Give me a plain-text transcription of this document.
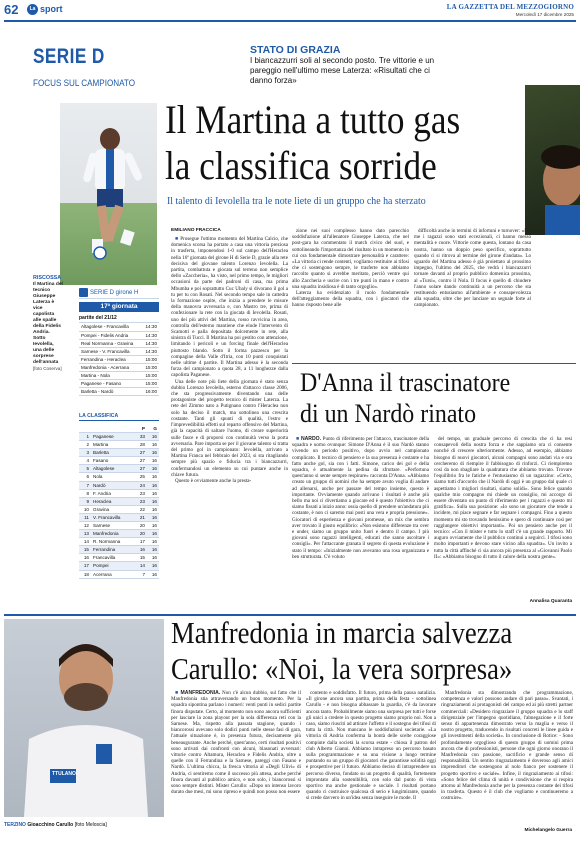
62	La sport	LA GAZZETTA DEL MEZZOGIORNO
Mercoledì 17 dicembre 2025
SERIE D
FOCUS SUL CAMPIONATO
STATO DI GRAZIA
I biancazzurri soli al secondo posto. Tre vittorie e un pareggio nell'ultimo mese Laterza: «Risultati che ci danno forza»
RISCOSSA
Il Martina del tecnico Giuseppe Laterza è vice capolista alle spalle della Fidelis Andria. Sotto Ievolella, una delle sorprese dell'annata
[foto Coserva]
Il Martina a tutto gas
la classifica sorride
Il talento di Ievolella tra le note liete di un gruppo che ha sterzato
SERIE D girone H
17ª giornata
partite del 21/12
Altagolese - Francavilla	14:30
Pompei - Fidelis Andria	14:30
Real Normanna - Gravina	14:30
Sarnese - V. Francavilla	14:30
Ferrandina - Heraclea	15:00
Manfredonia - Acerrana	15:00
Martina - Nola	15:00
Paganese - Fasano	15:00
Barletta - Nardò	16:00
LA CLASSIFICA
		P	G
1	Paganese	33	16
2	Martina	28	16
3	Barletta	27	16
4	Fasano	27	16
5	Altagolese	27	16
6	Nola	25	16
7	Nardò	24	16
8	F. Andria	23	16
9	Heraclea	23	16
10	Gravina	22	16
11	V. Francavilla	21	16
12	Sarnese	20	16
13	Manfredonia	20	16
14	R. Normanna	17	16
15	Ferrandina	16	16
16	Francavilla	15	16
17	Pompei	14	16
18	Acerrana	7	16
EMILIANO FRACCICA

■ Prosegue l'ottimo momento del Martina Calcio, che domenica scorsa ha portato a casa una vittoria preziosa in trasferta, imponendosi 1-0 sul campo dell'Heraclea nella 16ª giornata del girone H di Serie D, grazie alla rete decisiva del giovane talento Lorenzo Ievolella. La partita, combattuta e giocata sul terreno non semplice dello «Zaccheria», ha visto, nel primo tempo, le migliori occasioni da parte dei padroni di casa, ma prima Mbumba e poi soprattutto Cuc Ubaly si divorano il gol a tu per tu con Rosati. Nel secondo tempo sale in cattedra la formazione ospite, che inizia a prendere le misure della manovra avversaria e, con Mastro tre, prima di confezionare la rete con la giocata di Ievolella. Rosati, uno dei più attivi del Martina, rosso ravvicina in area, controlla dell'esterno mantiene che elude l'intervento di Scamotti e palla depositata dolcemente in rete, alla sinistra di Tucci. Il Martina ha poi gestito con attenzione, limitando i pericoli e un forcing finale dell'Heraclea piuttosto blando. Sotto il forma pazzesco per la compagine della Valle d'Itria, con 10 punti conquistati nelle ultime 4 partite. Il Martina adesso è la seconda forza del campionato a quota 28, a 11 lunghezze dalla capolista Paganese.

Una delle note più liete della giornata è stato senza dubbio Lorenzo Ievolella, esterno d'attacco classe 2006, che sta progressivamente diventando una delle protagoniste del progetto tecnico di mister Laterza. La rete del Zimmo nato a Putignano contro l'Heraclea non solo ha deciso il match, ma sottolinea una crescita costante. Tanti gli spunti di qualità, l'estro e l'imprevedibilità effetti sul reparto offensivo del Martina, già la capacità di saltare l'uomo, di creare superiorità sulle fasce e di proporsi con continuità verso la porta avversaria. Pare importa se per il giovane talento si tratta del primo gol in campionato: Ievolella, arrivato a Martina Franca nel febbraio del 2023, si sta ritagliando sempre più spazio e fiducia tra i biancazzurri, confermandosi un elemento su cui puntare anche in chiave futura.

Questo è ovviamente anche la presta-

zione nei suoi complesso hanno dato parecchio soddisfazione all'allenatore Giuseppe Laterza, che nel post-gara ha commentato il match civico del suol, e sottolineando l'importanza del risultato in un momento in cui ora fondamentale dimostrare personalità e carattere: «La vittoria ci rende contenti, vogliamo restituire ai tifosi che ci sostengono sempre, le trasferte non abbiamo raccolto quanto si avrebbe meritato, perciò ventre qui allo Zaccheria e uscire con i tre punti in mano e contro una squadra insidiosa è di tanto orgoglio».

Laterza ha evidenziato il ruolo fondamentale dell'atteggiamento della squadra, con i giocatori che hanno risposto bene alle

difficoltà anche in termini di infortuni e turnover: «Per me i ragazzi sono stati eccezionali, ci hanno messo mentalità e cuore. Vittorie come questa, lontano da casa nostra, hanno un doppio peso specifico, soprattutto quando ci si ritrova al termine del girone d'andata». Lo sguardo del Martina adesso è già proiettato al prossimo impegno, l'ultimo del 2025, che vedrà i biancazzurri tornare davanti al proprio pubblico domenica prossima, al «Tursi», contro il Nola. Il focus è quello di chiudere l'anno solare dando continuità a un percorso che sta restituendo entusiasmo all'ambiente e consapevolezza alla squadra, oltre che per lanciare un segnale forte al campionato.

D'Anna il trascinatore
di un Nardò rinato

■ NARDÒ. Punto di riferimento per l'attacco, trascinatore della squadra e uomo ovunque: Simone D'Anna è il suo Nardò stanno vivendo un periodo positivo, dopo avvio nel campionato complicato. Il tecnico di pensiero e la sua presenza è costante e ha fatto anche gol, sia con i fatti. Simone, carico dei gol e della squadra, è attualmente la pedina da sfruttare. «Perfortuna quest'anno si sente sempre respirare» racconta D'Anna. «Abbiamo creato un gruppo di uomini che ha sempre avuto voglia di andare ad allenarsi, anche per passare del tempo insieme, questo è importante. Ovviamente quando arrivano i risultati è anche più bello ma noi ci divertiamo a giocare ed è questo l'obiettivo che ci siamo fissati a inizio anno: ossia quello di prendere un'andatura più costante, è non ci saremo mai posti una vera e propria pressione». Giocatori di esperienza e giovani promesse, un mix che sembra aver trovato il giusto equilibrio: «Non esistono differenze tra over e under, siamo un gruppo unito fuori e dentro il campo. I più giovani sono ragazzi intelligenti, educati che sanno ascoltare i consigli». Per l'attaccante granata il segreto di questa evoluzione è stato il tempo: «Inizialmente non avevamo una rosa organizzata e ben strutturata. C'è voluto

del tempo, un graduale percorso di crescita che ci ha resi consapevoli della nostra forza e che sappiamo ora ci consente nonché di crescere ulteriormente. Adesso, ad esempio, abbiamo bisogno di nuovi giocatori, alcuni compagni sono andati via e ora cercheremo di riempire il fabbisogno di rinforzi. Ci riempiremo così da non sbagliare la quadratura che abbiamo trovato. Trovare l'equilibrio fra le fatiche e l'entusiasmo di un ragazzino: «Certo, siamo tutti d'accordo che il Nardò di oggi è un gruppo dal quale ci aspettiamo i migliori risultati, siamo solidi». Sono felice quando qualche mio compagno mi chiede un consiglio, mi accorgo di essere diventato un punto di riferimento per i ragazzi e questo mi gratifica». Sulla sua posizione: «Io sono un giocatore che tende a incidere, mi piace segnare e far segnare i compagni. Fino a questo momento mi sto trovando benissimo e spero di continuare così per raggiungere obiettivi importanti». Poi un pensiero anche per il tecnico: «Con il mister e tutto lo staff c'è un grande rapporto. Mi auguro ovviamente che il pubblico continui a seguirci. I tifosi sono molto importanti e devono stare vicino alla squadra». Un invito a tutta la città affinché ci sia ancora più presenza al «Giovanni Paolo II»: «Abbiamo bisogno di tutto il calore della nostra gente».

Annalisa Quaranta
TTULANO
TERZINO Gioacchino Carullo [foto Meloscia]
Manfredonia in marcia salvezza
Carullo: «Noi, la vera sorpresa»

■ MANFREDONIA. Non c'è alcun dubbio, sul fatto che il Manfredonia stia attraversando un buon momento. Per la squadra sipontina parlano i numeri: venti punti in sedici partite finora disputate. Certo, al momento non sono ancora sufficienti per lasciare la zona playout per la sola differenza reti con la Sarnese. Ma, rispetto alla passata stagione, quando i biancorossi avevano solo dodici punti nelle stesse fasi di gara, l'attuale situazione è, in presenza futura, decisamente più beneaugurante. Anche perché, quest'anno, certi risultati positivi sono arrivati dai confronti con alcuni, blasonati avversari: vittorie contro Altamura, Heraclea e Fidelis Andria, oltre a quelle con il Ferrandina e la Sarnese, pareggi con Fasano e Nardò. L'ultima chicca, la fresca vittoria al «Degli Ulivi» di Andria, ci sentiremo come il successo più attesa, anche perché finora davanti al pubblico amico, e non solo, i biancorossi si sono sempre distinti. Mister Carullo: «Dopo un intenso lavoro durato due mesi, mi sono ripreso e quindi non posso non essere

contento e soddisfatto. Il futuro, prima della pausa natalizia. «Il girone ancora una partita, prima della festa - sottolinea Carullo - e non bisogna abbassare la guardia, c'è da lavorare ancora tanto. Probabilmente siamo una sorpresa per tutti e forse gli unici a credere in questo progetto siamo proprio noi. Non a caso, siamo riusciti ad attirare l'affetto e il sostegno dei tifosi di tutta la città. Non mancano le soddisfazioni societarie. «La vittoria di Andria conferma la bontà delle scelte coraggiose compiute dalla società la scorsa estate - chiosa il patron del club Alberto Giannì. Abbiamo intrapreso un percorso basato sulla programmazione e su una visione a lungo termine puntando su un gruppo di giocatori che garantisse solidità oggi e prospettive per il futuro. Abbiamo deciso di intraprendere un percorso diverso, fondato su un progetto di qualità, fortemente improntato alla sostenibilità, con solo dal punto di vista sportivo ma anche gestionale e sociale. I risultati portano quando ci costruisce qualcosa di serio e lungimirante, quando si crede davvero in un'idea senza inseguire le mode. Il

Manfredonia sta dimostrando che programmazione, competenza e valori possono andare di pari passo». Svantati, i ringraziamenti ai protagonisti del campo ed ai più stretti partner commerciali: «Desidero ringraziare il gruppo squadra e lo staff dirigenziale per l'impegno quotidiano, l'abnegazione e il forte senso di appartenenza dimostrato verso la maglia e verso il nostro progetto, traducendo in risultati concreti le linee guida e gli investimenti della società». In conclusione di Rotice: - Sono profondamente orgoglioso di questo gruppo di uomini prima ancora che di professionisti, persone che ogni giorno onorano il Manfredonia con passione, sacrificio e grande senso di responsabilità. Un sentito ringraziamento è doveroso agli amici imprenditori che sostengono al nolo fianco per sostenere il progetto sportivo e sociale». Infine, il ringraziamento ai tifosi: «Sono felice del clima di unità e condivisione che si respira attorno al Manfredonia anche per la presenza costante dei tifosi in trasferta. Questo è il club che vogliamo e continueremo a costruire».

Michelangelo Guerra
